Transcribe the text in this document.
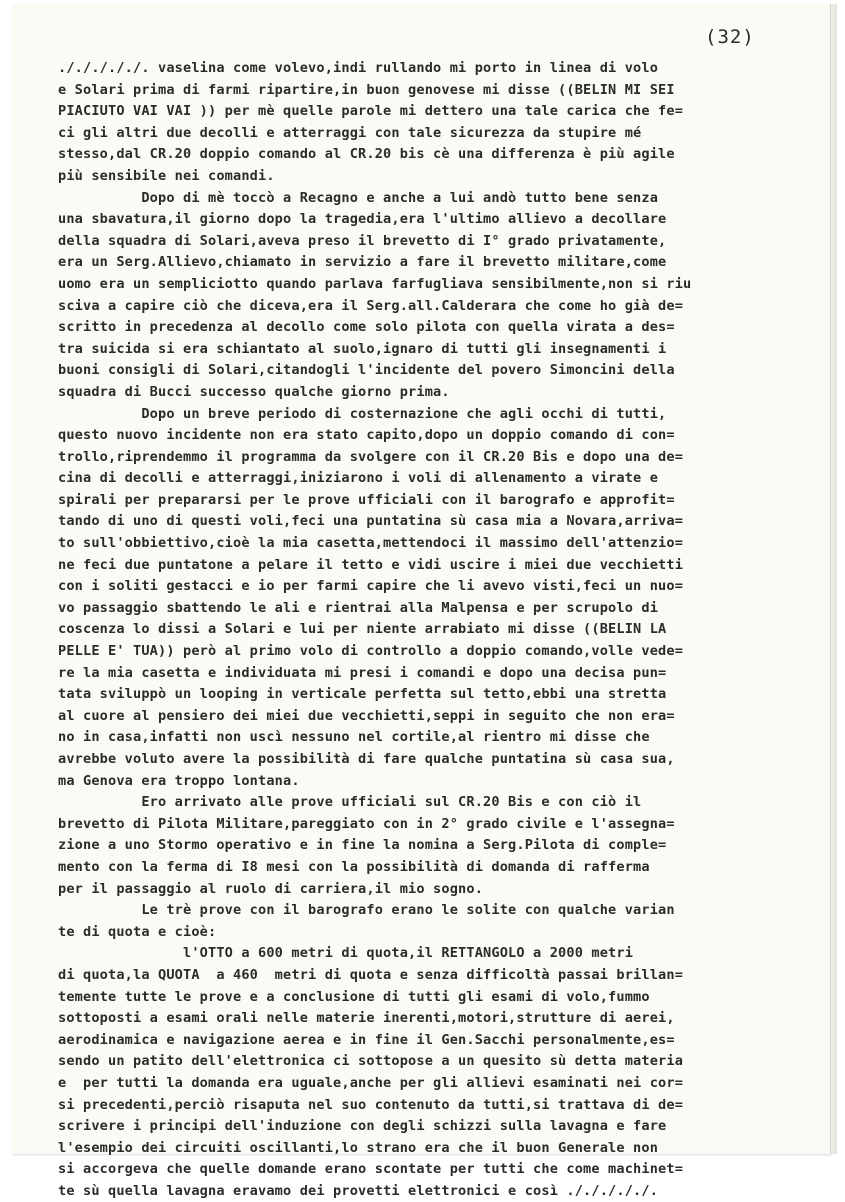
(32)
./././././. vaselina come volevo,indi rullando mi porto in linea di volo
e Solari prima di farmi ripartire,in buon genovese mi disse ((BELIN MI SEI
PIACIUTO VAI VAI )) per mè quelle parole mi dettero una tale carica che fe=
ci gli altri due decolli e atterraggi con tale sicurezza da stupire mé
stesso,dal CR.20 doppio comando al CR.20 bis cè una differenza è più agile
più sensibile nei comandi.
Dopo di mè toccò a Recagno e anche a lui andò tutto bene senza
una sbavatura,il giorno dopo la tragedia,era l'ultimo allievo a decollare
della squadra di Solari,aveva preso il brevetto di I° grado privatamente,
era un Serg.Allievo,chiamato in servizio a fare il brevetto militare,come
uomo era un sempliciotto quando parlava farfugliava sensibilmente,non si riu
sciva a capire ciò che diceva,era il Serg.all.Calderara che come ho già de=
scritto in precedenza al decollo come solo pilota con quella virata a des=
tra suicida si era schiantato al suolo,ignaro di tutti gli insegnamenti i
buoni consigli di Solari,citandogli l'incidente del povero Simoncini della
squadra di Bucci successo qualche giorno prima.
Dopo un breve periodo di costernazione che agli occhi di tutti,
questo nuovo incidente non era stato capito,dopo un doppio comando di con=
trollo,riprendemmo il programma da svolgere con il CR.20 Bis e dopo una de=
cina di decolli e atterraggi,iniziarono i voli di allenamento a virate e
spirali per prepararsi per le prove ufficiali con il barografo e approfit=
tando di uno di questi voli,feci una puntatina sù casa mia a Novara,arriva=
to sull'obbiettivo,cioè la mia casetta,mettendoci il massimo dell'attenzio=
ne feci due puntatone a pelare il tetto e vidi uscire i miei due vecchietti
con i soliti gestacci e io per farmi capire che li avevo visti,feci un nuo=
vo passaggio sbattendo le ali e rientrai alla Malpensa e per scrupolo di
coscenza lo dissi a Solari e lui per niente arrabiato mi disse ((BELIN LA
PELLE E' TUA)) però al primo volo di controllo a doppio comando,volle vede=
re la mia casetta e individuata mi presi i comandi e dopo una decisa pun=
tata sviluppò un looping in verticale perfetta sul tetto,ebbi una stretta
al cuore al pensiero dei miei due vecchietti,seppi in seguito che non era=
no in casa,infatti non uscì nessuno nel cortile,al rientro mi disse che
avrebbe voluto avere la possibilità di fare qualche puntatina sù casa sua,
ma Genova era troppo lontana.
Ero arrivato alle prove ufficiali sul CR.20 Bis e con ciò il
brevetto di Pilota Militare,pareggiato con in 2° grado civile e l'assegna=
zione a uno Stormo operativo e in fine la nomina a Serg.Pilota di comple=
mento con la ferma di I8 mesi con la possibilità di domanda di rafferma
per il passaggio al ruolo di carriera,il mio sogno.
Le trè prove con il barografo erano le solite con qualche varian
te di quota e cioè:
l'OTTO a 600 metri di quota,il RETTANGOLO a 2000 metri
di quota,la QUOTA  a 460  metri di quota e senza difficoltà passai brillan=
temente tutte le prove e a conclusione di tutti gli esami di volo,fummo
sottoposti a esami orali nelle materie inerenti,motori,strutture di aerei,
aerodinamica e navigazione aerea e in fine il Gen.Sacchi personalmente,es=
sendo un patito dell'elettronica ci sottopose a un quesito sù detta materia
e  per tutti la domanda era uguale,anche per gli allievi esaminati nei cor=
si precedenti,perciò risaputa nel suo contenuto da tutti,si trattava di de=
scrivere i principi dell'induzione con degli schizzi sulla lavagna e fare
l'esempio dei circuiti oscillanti,lo strano era che il buon Generale non
si accorgeva che quelle domande erano scontate per tutti che come machinet=
te sù quella lavagna eravamo dei provetti elettronici e così ./././././.
